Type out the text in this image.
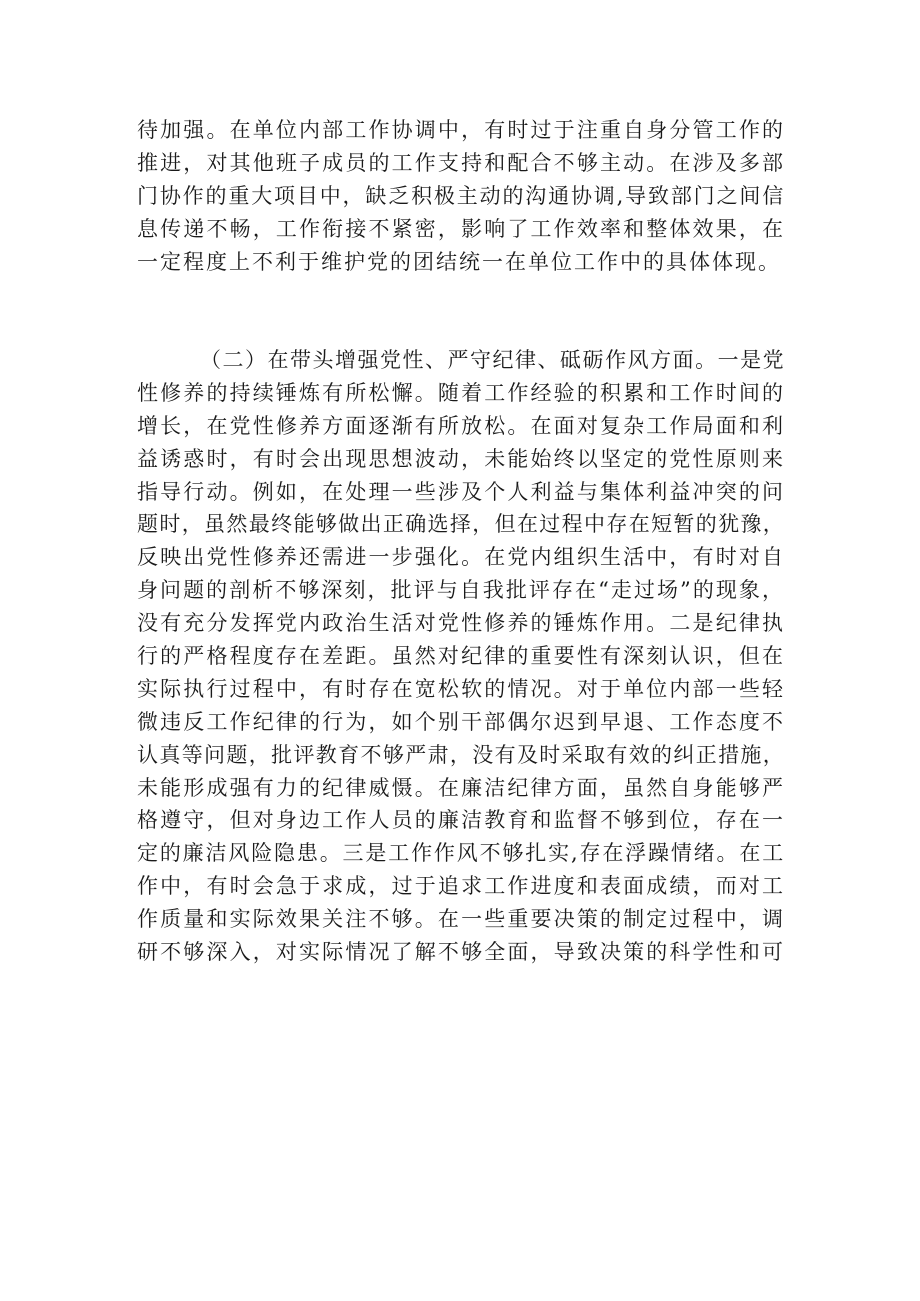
待加强。在单位内部工作协调中，有时过于注重自身分管工作的
推进，对其他班子成员的工作支持和配合不够主动。在涉及多部
门协作的重大项目中，缺乏积极主动的沟通协调,导致部门之间信
息传递不畅，工作衔接不紧密，影响了工作效率和整体效果，在
一定程度上不利于维护党的团结统一在单位工作中的具体体现。
（二）在带头增强党性、严守纪律、砥砺作风方面。一是党
性修养的持续锤炼有所松懈。随着工作经验的积累和工作时间的
增长，在党性修养方面逐渐有所放松。在面对复杂工作局面和利
益诱惑时，有时会出现思想波动，未能始终以坚定的党性原则来
指导行动。例如，在处理一些涉及个人利益与集体利益冲突的问
题时，虽然最终能够做出正确选择，但在过程中存在短暂的犹豫，
反映出党性修养还需进一步强化。在党内组织生活中，有时对自
身问题的剖析不够深刻，批评与自我批评存在“走过场”的现象，
没有充分发挥党内政治生活对党性修养的锤炼作用。二是纪律执
行的严格程度存在差距。虽然对纪律的重要性有深刻认识，但在
实际执行过程中，有时存在宽松软的情况。对于单位内部一些轻
微违反工作纪律的行为，如个别干部偶尔迟到早退、工作态度不
认真等问题，批评教育不够严肃，没有及时采取有效的纠正措施，
未能形成强有力的纪律威慑。在廉洁纪律方面，虽然自身能够严
格遵守，但对身边工作人员的廉洁教育和监督不够到位，存在一
定的廉洁风险隐患。三是工作作风不够扎实,存在浮躁情绪。在工
作中，有时会急于求成，过于追求工作进度和表面成绩，而对工
作质量和实际效果关注不够。在一些重要决策的制定过程中，调
研不够深入，对实际情况了解不够全面，导致决策的科学性和可
